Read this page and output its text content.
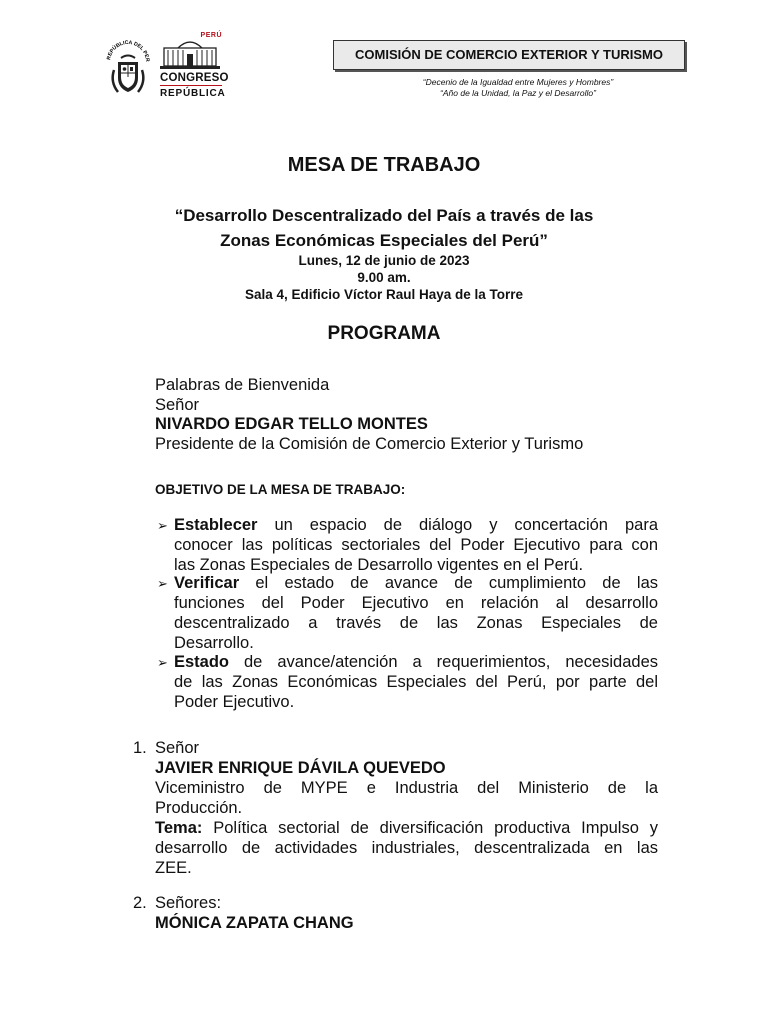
REPÚBLICA DEL PER
PERÚ
CONGRESO
REPÚBLICA
COMISIÓN DE COMERCIO EXTERIOR Y TURISMO
“Decenio de la Igualdad entre Mujeres y Hombres”
“Año de la Unidad, la Paz y el Desarrollo”
MESA DE TRABAJO
“Desarrollo Descentralizado del País a través de las
Zonas Económicas Especiales del Perú”
Lunes, 12 de junio de 2023
9.00 am.
Sala 4, Edificio Víctor Raul Haya de la Torre
PROGRAMA
Palabras de Bienvenida
Señor
NIVARDO EDGAR TELLO MONTES
Presidente de la Comisión de Comercio Exterior y Turismo
OBJETIVO DE LA MESA DE TRABAJO:
➢ Establecer un espacio de diálogo y concertación para
conocer las políticas sectoriales del Poder Ejecutivo para con
las Zonas Especiales de Desarrollo vigentes en el Perú.
➢ Verificar el estado de avance de cumplimiento de las
funciones del Poder Ejecutivo en relación al desarrollo
descentralizado a través de las Zonas Especiales de
Desarrollo.
➢ Estado de avance/atención a requerimientos, necesidades
de las Zonas Económicas Especiales del Perú, por parte del
Poder Ejecutivo.
1. Señor
JAVIER ENRIQUE DÁVILA QUEVEDO
Viceministro de MYPE e Industria del Ministerio de la
Producción.
Tema: Política sectorial de diversificación productiva Impulso y
desarrollo de actividades industriales, descentralizada en las
ZEE.
2. Señores:
MÓNICA ZAPATA CHANG
